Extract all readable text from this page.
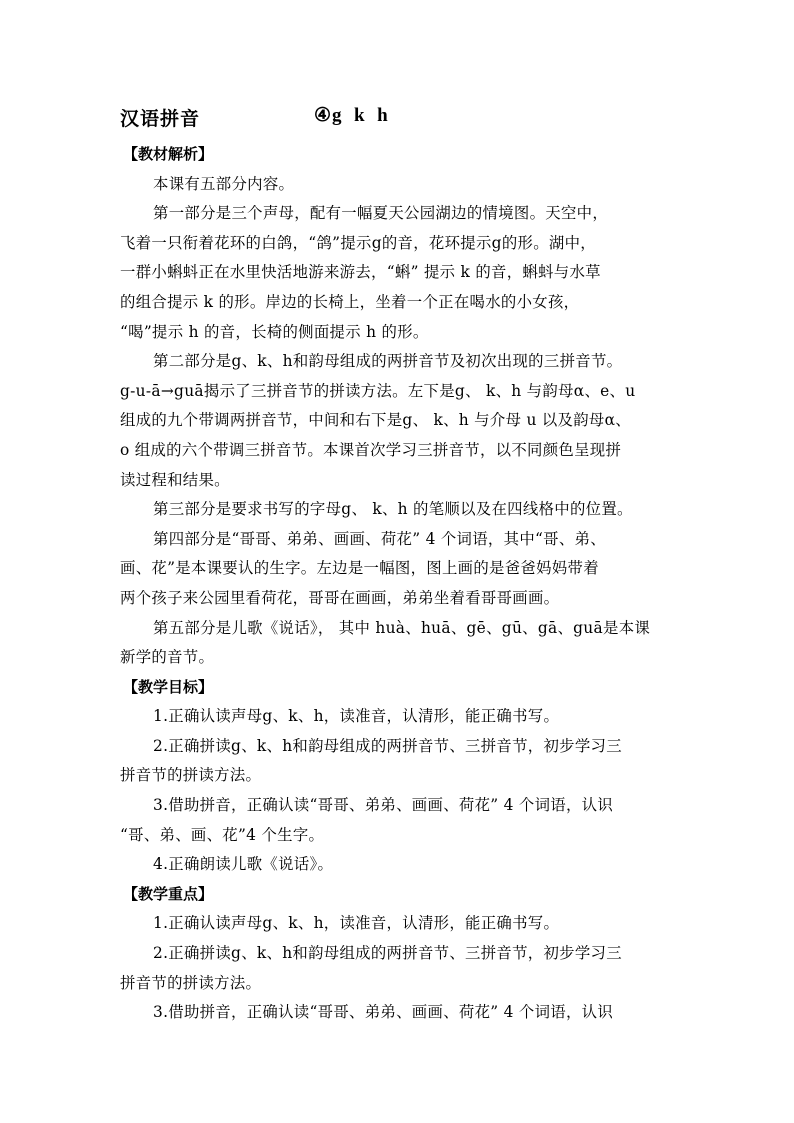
汉语拼音	④g  k  h
【教材解析】
本课有五部分内容。
第一部分是三个声母，配有一幅夏天公园湖边的情境图。天空中，
飞着一只衔着花环的白鸽，“鸽”提示g的音，花环提示g的形。湖中，
一群小蝌蚪正在水里快活地游来游去，“蝌” 提示 k 的音，蝌蚪与水草
的组合提示 k 的形。岸边的长椅上，坐着一个正在喝水的小女孩，
“喝”提示 h 的音，长椅的侧面提示 h 的形。
第二部分是g、k、h和韵母组成的两拼音节及初次出现的三拼音节。
g-u-ā→guā揭示了三拼音节的拼读方法。左下是g、 k、h 与韵母α、e、u
组成的九个带调两拼音节，中间和右下是g、 k、h 与介母 u 以及韵母α、
o 组成的六个带调三拼音节。本课首次学习三拼音节，以不同颜色呈现拼
读过程和结果。
第三部分是要求书写的字母g、 k、h 的笔顺以及在四线格中的位置。
第四部分是“哥哥、弟弟、画画、荷花” 4 个词语，其中“哥、弟、
画、花”是本课要认的生字。左边是一幅图，图上画的是爸爸妈妈带着
两个孩子来公园里看荷花，哥哥在画画，弟弟坐着看哥哥画画。
第五部分是儿歌《说话》， 其中 huà、huā、gē、gū、gā、guā是本课
新学的音节。
【教学目标】
1.正确认读声母g、k、h，读准音，认清形，能正确书写。
2.正确拼读g、k、h和韵母组成的两拼音节、三拼音节，初步学习三
拼音节的拼读方法。
3.借助拼音，正确认读“哥哥、弟弟、画画、荷花” 4 个词语，认识
“哥、弟、画、花”4 个生字。
4.正确朗读儿歌《说话》。
【教学重点】
1.正确认读声母g、k、h，读准音，认清形，能正确书写。
2.正确拼读g、k、h和韵母组成的两拼音节、三拼音节，初步学习三
拼音节的拼读方法。
3.借助拼音，正确认读“哥哥、弟弟、画画、荷花” 4 个词语，认识
